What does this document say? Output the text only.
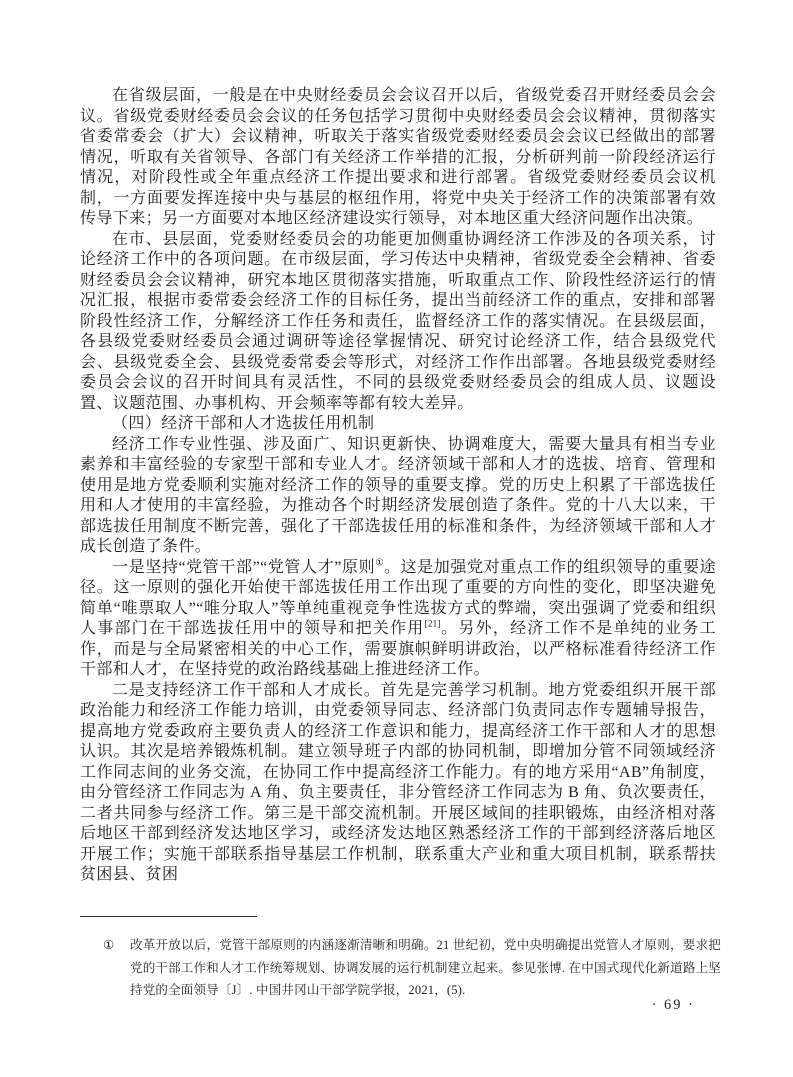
在省级层面，一般是在中央财经委员会会议召开以后，省级党委召开财经委员会会议。省级党委财经委员会会议的任务包括学习贯彻中央财经委员会会议精神，贯彻落实省委常委会（扩大）会议精神，听取关于落实省级党委财经委员会会议已经做出的部署情况，听取有关省领导、各部门有关经济工作举措的汇报，分析研判前一阶段经济运行情况，对阶段性或全年重点经济工作提出要求和进行部署。省级党委财经委员会议机制，一方面要发挥连接中央与基层的枢纽作用，将党中央关于经济工作的决策部署有效传导下来；另一方面要对本地区经济建设实行领导，对本地区重大经济问题作出决策。

在市、县层面，党委财经委员会的功能更加侧重协调经济工作涉及的各项关系，讨论经济工作中的各项问题。在市级层面，学习传达中央精神，省级党委全会精神、省委财经委员会会议精神，研究本地区贯彻落实措施，听取重点工作、阶段性经济运行的情况汇报，根据市委常委会经济工作的目标任务，提出当前经济工作的重点，安排和部署阶段性经济工作，分解经济工作任务和责任，监督经济工作的落实情况。在县级层面，各县级党委财经委员会通过调研等途径掌握情况、研究讨论经济工作，结合县级党代会、县级党委全会、县级党委常委会等形式，对经济工作作出部署。各地县级党委财经委员会会议的召开时间具有灵活性，不同的县级党委财经委员会的组成人员、议题设置、议题范围、办事机构、开会频率等都有较大差异。

（四）经济干部和人才选拔任用机制

经济工作专业性强、涉及面广、知识更新快、协调难度大，需要大量具有相当专业素养和丰富经验的专家型干部和专业人才。经济领域干部和人才的选拔、培育、管理和使用是地方党委顺利实施对经济工作的领导的重要支撑。党的历史上积累了干部选拔任用和人才使用的丰富经验，为推动各个时期经济发展创造了条件。党的十八大以来，干部选拔任用制度不断完善，强化了干部选拔任用的标准和条件，为经济领域干部和人才成长创造了条件。

一是坚持“党管干部”“党管人才”原则①。这是加强党对重点工作的组织领导的重要途径。这一原则的强化开始使干部选拔任用工作出现了重要的方向性的变化，即坚决避免简单“唯票取人”“唯分取人”等单纯重视竞争性选拔方式的弊端，突出强调了党委和组织人事部门在干部选拔任用中的领导和把关作用[21]。另外，经济工作不是单纯的业务工作，而是与全局紧密相关的中心工作，需要旗帜鲜明讲政治，以严格标准看待经济工作干部和人才，在坚持党的政治路线基础上推进经济工作。

二是支持经济工作干部和人才成长。首先是完善学习机制。地方党委组织开展干部政治能力和经济工作能力培训，由党委领导同志、经济部门负责同志作专题辅导报告，提高地方党委政府主要负责人的经济工作意识和能力，提高经济工作干部和人才的思想认识。其次是培养锻炼机制。建立领导班子内部的协同机制，即增加分管不同领域经济工作同志间的业务交流，在协同工作中提高经济工作能力。有的地方采用“AB”角制度，由分管经济工作同志为 A 角、负主要责任，非分管经济工作同志为 B 角、负次要责任，二者共同参与经济工作。第三是干部交流机制。开展区域间的挂职锻炼，由经济相对落后地区干部到经济发达地区学习，或经济发达地区熟悉经济工作的干部到经济落后地区开展工作；实施干部联系指导基层工作机制，联系重大产业和重大项目机制，联系帮扶贫困县、贫困

①	改革开放以后，党管干部原则的内涵逐渐清晰和明确。21 世纪初，党中央明确提出党管人才原则，要求把党的干部工作和人才工作统筹规划、协调发展的运行机制建立起来。参见张博. 在中国式现代化新道路上坚持党的全面领导〔J〕. 中国井冈山干部学院学报，2021，(5).
· 69 ·
